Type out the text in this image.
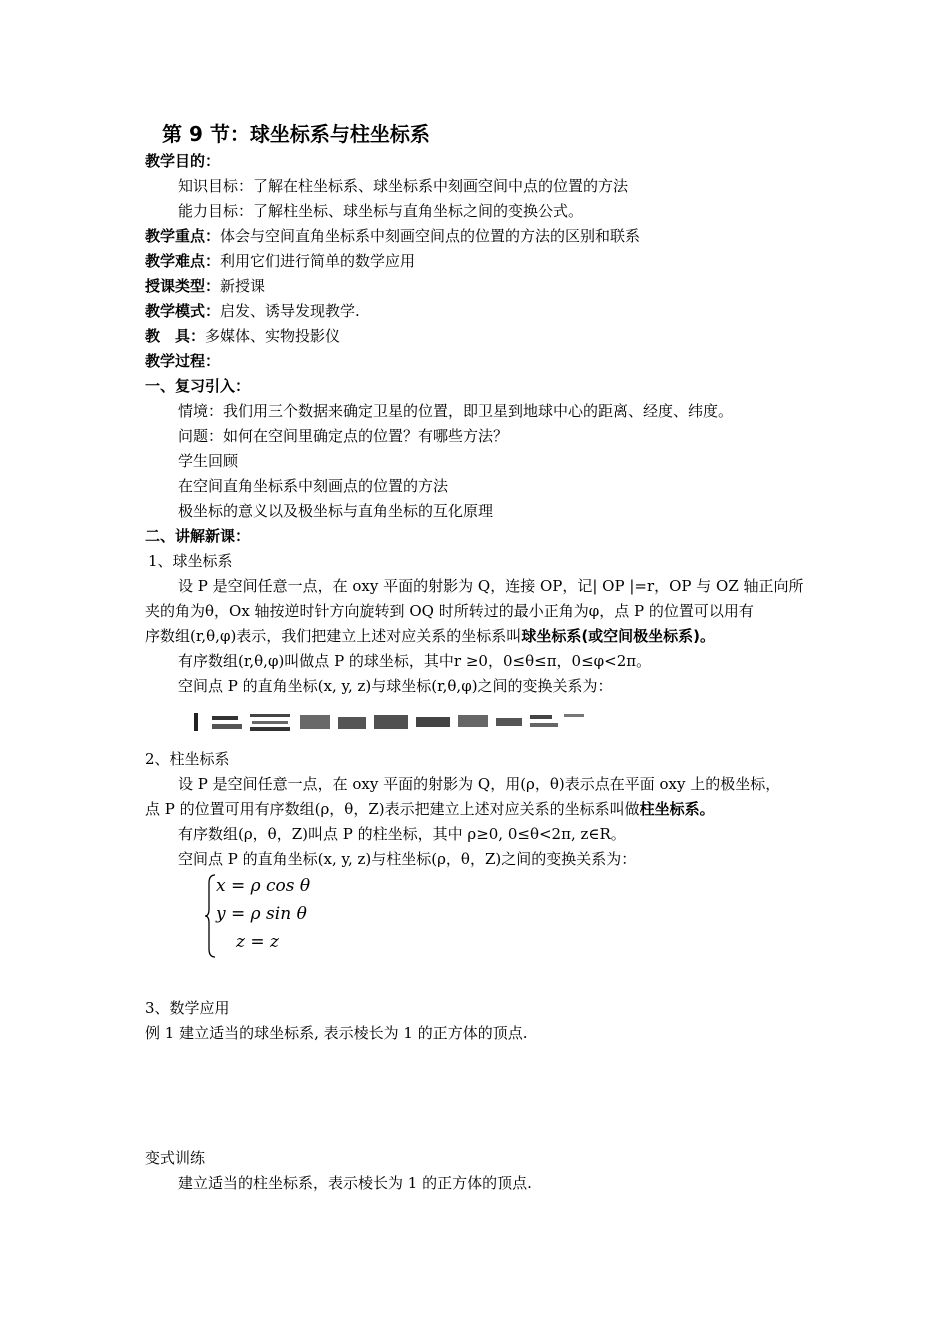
第 9 节：球坐标系与柱坐标系
教学目的：
知识目标：了解在柱坐标系、球坐标系中刻画空间中点的位置的方法
能力目标：了解柱坐标、球坐标与直角坐标之间的变换公式。
教学重点：体会与空间直角坐标系中刻画空间点的位置的方法的区别和联系
教学难点：利用它们进行简单的数学应用
授课类型：新授课
教学模式：启发、诱导发现教学.
教　具：多媒体、实物投影仪
教学过程：
一、复习引入：
情境：我们用三个数据来确定卫星的位置，即卫星到地球中心的距离、经度、纬度。
问题：如何在空间里确定点的位置？有哪些方法？
学生回顾
在空间直角坐标系中刻画点的位置的方法
极坐标的意义以及极坐标与直角坐标的互化原理
二、讲解新课：
1、球坐标系
设 P 是空间任意一点，在 oxy 平面的射影为 Q，连接 OP，记| OP |=r，OP 与 OZ 轴正向所
夹的角为θ，Ox 轴按逆时针方向旋转到 OQ 时所转过的最小正角为φ，点 P 的位置可以用有
序数组(r,θ,φ)表示，我们把建立上述对应关系的坐标系叫球坐标系(或空间极坐标系)。
有序数组(r,θ,φ)叫做点 P 的球坐标，其中r ≥0，0≤θ≤π，0≤φ<2π。
空间点 P 的直角坐标(x, y, z)与球坐标(r,θ,φ)之间的变换关系为：
2、柱坐标系
设 P 是空间任意一点，在 oxy 平面的射影为 Q，用(ρ，θ)表示点在平面 oxy 上的极坐标，
点 P 的位置可用有序数组(ρ，θ，Z)表示把建立上述对应关系的坐标系叫做柱坐标系。
有序数组(ρ，θ，Z)叫点 P 的柱坐标，其中 ρ≥0, 0≤θ<2π, z∈R。
空间点 P 的直角坐标(x, y, z)与柱坐标(ρ，θ，Z)之间的变换关系为：
x = ρ cos θ
y = ρ sin θ
z = z
3、数学应用
例 1 建立适当的球坐标系, 表示棱长为 1 的正方体的顶点.
变式训练
建立适当的柱坐标系，表示棱长为 1 的正方体的顶点.
